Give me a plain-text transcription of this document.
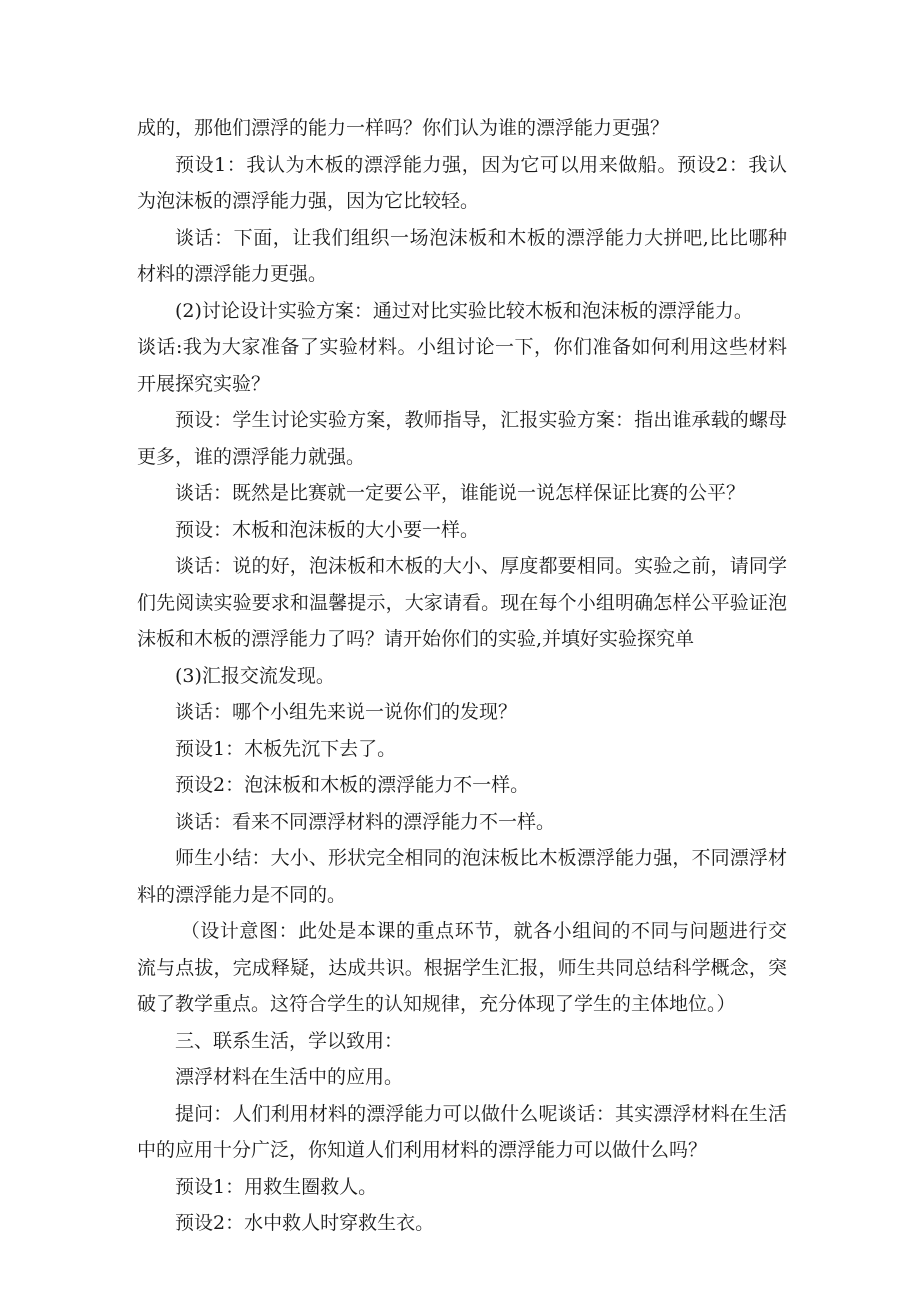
成的，那他们漂浮的能力一样吗？你们认为谁的漂浮能力更强？

预设1：我认为木板的漂浮能力强，因为它可以用来做船。预设2：我认为泡沫板的漂浮能力强，因为它比较轻。

谈话：下面，让我们组织一场泡沫板和木板的漂浮能力大拼吧,比比哪种材料的漂浮能力更强。

(2)讨论设计实验方案：通过对比实验比较木板和泡沫板的漂浮能力。

谈话:我为大家准备了实验材料。小组讨论一下，你们准备如何利用这些材料开展探究实验？

预设：学生讨论实验方案，教师指导，汇报实验方案：指出谁承载的螺母更多，谁的漂浮能力就强。

谈话：既然是比赛就一定要公平，谁能说一说怎样保证比赛的公平？

预设：木板和泡沫板的大小要一样。

谈话：说的好，泡沫板和木板的大小、厚度都要相同。实验之前，请同学们先阅读实验要求和温馨提示，大家请看。现在每个小组明确怎样公平验证泡沫板和木板的漂浮能力了吗？请开始你们的实验,并填好实验探究单

(3)汇报交流发现。

谈话：哪个小组先来说一说你们的发现？

预设1：木板先沉下去了。

预设2：泡沫板和木板的漂浮能力不一样。

谈话：看来不同漂浮材料的漂浮能力不一样。

师生小结：大小、形状完全相同的泡沫板比木板漂浮能力强，不同漂浮材料的漂浮能力是不同的。

（设计意图：此处是本课的重点环节，就各小组间的不同与问题进行交流与点拔，完成释疑，达成共识。根据学生汇报，师生共同总结科学概念，突破了教学重点。这符合学生的认知规律，充分体现了学生的主体地位。）

三、联系生活，学以致用：

漂浮材料在生活中的应用。

提问：人们利用材料的漂浮能力可以做什么呢谈话：其实漂浮材料在生活中的应用十分广泛，你知道人们利用材料的漂浮能力可以做什么吗？

预设1：用救生圈救人。

预设2：水中救人时穿救生衣。
